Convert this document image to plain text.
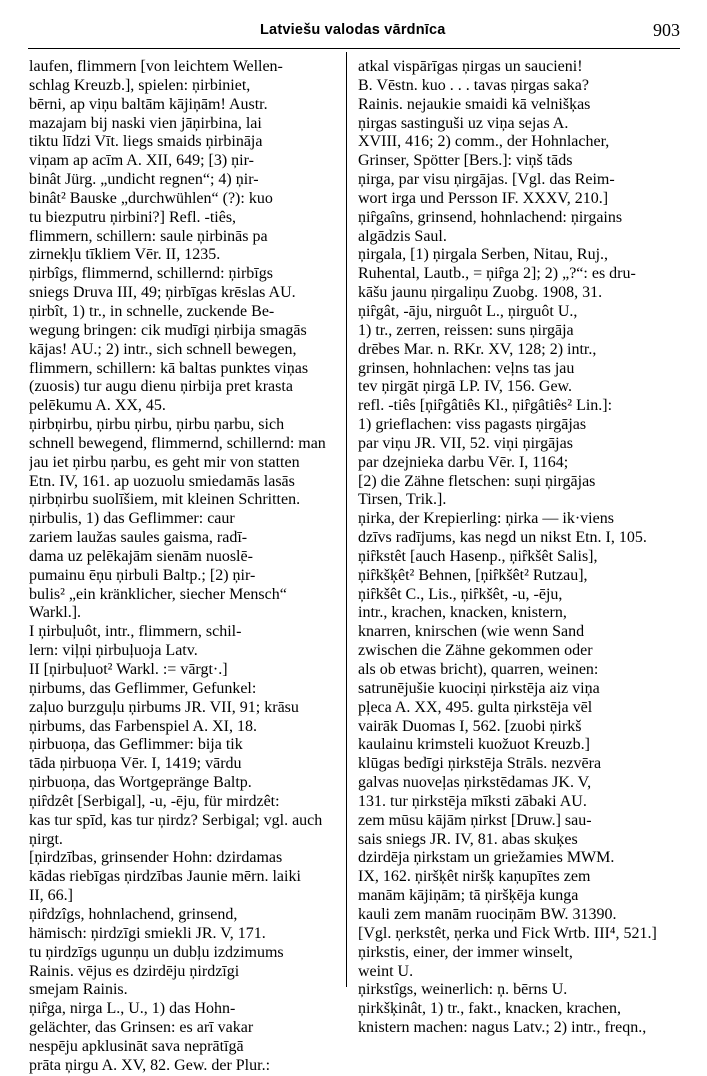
Latviešu valodas vārdnīca	903
laufen, flimmern [von leichtem Wellen-
schlag Kreuzb.], spielen: ņirbiniet,
bērni, ap viņu baltām kājiņām! Austr.
mazajam bij naski vien jāņirbina, lai
tiktu līdzi Vīt. liegs smaids ņirbināja
viņam ap acīm A. XII, 649; [3) ņir-
binât Jürg. „undicht regnen“; 4) ņir-
binât² Bauske „durchwühlen“ (?): kuo
tu biezputru ņirbini?] Refl. -tiês,
flimmern, schillern: saule ņirbinās pa
zirnekļu tīkliem Vēr. II, 1235.
ņirbîgs, flimmernd, schillernd: ņirbīgs
sniegs Druva III, 49; ņirbīgas krēslas AU.
ņirbît, 1) tr., in schnelle, zuckende Be-
wegung bringen: cik mudīgi ņirbija smagās
kājas! AU.; 2) intr., sich schnell bewegen,
flimmern, schillern: kā baltas punktes viņas
(zuosis) tur augu dienu ņirbija pret krasta
pelēkumu A. XX, 45.
ņirbņirbu, ņirbu ņirbu, ņirbu ņarbu, sich
schnell bewegend, flimmernd, schillernd: man
jau iet ņirbu ņarbu, es geht mir von statten
Etn. IV, 161. ap uozuolu smiedamās lasās
ņirbņirbu suolīšiem, mit kleinen Schritten.
ņirbulis, 1) das Geflimmer: caur
zariem laužas saules gaisma, radī-
dama uz pelēkajām sienām nuoslē-
pumainu ēņu ņirbuli Baltp.; [2) ņir-
bulis² „ein kränklicher, siecher Mensch“
Warkl.].
I ņirbuļuôt, intr., flimmern, schil-
lern: viļņi ņirbuļuoja Latv.
II [ņirbuļuot² Warkl. := vārgt·.]
ņirbums, das Geflimmer, Gefunkel:
zaļuo burzguļu ņirbums JR. VII, 91; krāsu
ņirbums, das Farbenspiel A. XI, 18.
ņirbuoņa, das Geflimmer: bija tik
tāda ņirbuoņa Vēr. I, 1419; vārdu
ņirbuoņa, das Wortgepränge Baltp.
ņiȓdzêt [Serbigal], -u, -ēju, für mirdzêt:
kas tur spīd, kas tur ņirdz? Serbigal; vgl. auch
ņirgt.
[ņirdzības, grinsender Hohn: dzirdamas
kādas riebīgas ņirdzības Jaunie mērn. laiki
II, 66.]
ņiȓdzîgs, hohnlachend, grinsend,
hämisch: ņirdzīgi smiekli JR. V, 171.
tu ņirdzīgs ugunņu un dubļu izdzimums
Rainis. vējus es dzirdēju ņirdzīgi
smejam Rainis.
ņiȓga, nirga L., U., 1) das Hohn-
gelächter, das Grinsen: es arī vakar
nespēju apklusināt sava neprātīgā
prāta ņirgu A. XV, 82. Gew. der Plur.:
atkal vispārīgas ņirgas un saucieni!
B. Vēstn. kuo . . . tavas ņirgas saka?
Rainis. nejaukie smaidi kā velnišķas
ņirgas sastinguši uz viņa sejas A.
XVIII, 416; 2) comm., der Hohnlacher,
Grinser, Spötter [Bers.]: viņš tāds
ņirga, par visu ņirgājas. [Vgl. das Reim-
wort irga und Persson IF. XXXV, 210.]
ņiȓgaîns, grinsend, hohnlachend: ņirgains
algādzis Saul.
ņirgala, [1) ņirgala Serben, Nitau, Ruj.,
Ruhental, Lautb., = ņiȓga 2]; 2) „?“: es dru-
kāšu jaunu ņirgaliņu Zuobg. 1908, 31.
ņiȓgât, -āju, nirguôt L., ņirguôt U.,
1) tr., zerren, reissen: suns ņirgāja
drēbes Mar. n. RKr. XV, 128; 2) intr.,
grinsen, hohnlachen: veļns tas jau
tev ņirgāt ņirgā LP. IV, 156. Gew.
refl. -tiês [ņiȓgâtiês Kl., ņiȓgâtiês² Lin.]:
1) grieflachen: viss pagasts ņirgājas
par viņu JR. VII, 52. viņi ņirgājas
par dzejnieka darbu Vēr. I, 1164;
[2) die Zähne fletschen: suņi ņirgājas
Tirsen, Trik.].
ņirka, der Krepierling: ņirka — ik·viens
dzīvs radījums, kas negd un nikst Etn. I, 105.
ņiȓkstêt [auch Hasenp., ņiȓkšêt Salis],
ņiȓkšķêt² Behnen, [ņiȓkšêt² Rutzau],
ņiȓkšêt C., Lis., ņiȓkšêt, -u, -ēju,
intr., krachen, knacken, knistern,
knarren, knirschen (wie wenn Sand
zwischen die Zähne gekommen oder
als ob etwas bricht), quarren, weinen:
satrunējušie kuociņi ņirkstēja aiz viņa
pļeca A. XX, 495. gulta ņirkstēja vēl
vairāk Duomas I, 562. [zuobi ņirkš
kaulainu krimsteli kuožuot Kreuzb.]
klūgas bedīgi ņirkstēja Strāls. nezvēra
galvas nuoveļas ņirkstēdamas JK. V,
131. tur ņirkstēja mīksti zābaki AU.
zem mūsu kājām ņirkst [Druw.] sau-
sais sniegs JR. IV, 81. abas skuķes
dzirdēja ņirkstam un griežamies MWM.
IX, 162. ņiršķêt niršķ kaņupītes zem
manām kājiņām; tā ņiršķēja kunga
kauli zem manām ruociņām BW. 31390.
[Vgl. ņerkstêt, ņerka und Fick Wrtb. III⁴, 521.]
ņirkstis, einer, der immer winselt,
weint U.
ņirkstîgs, weinerlich: ņ. bērns U.
ņirkšķinât, 1) tr., fakt., knacken, krachen,
knistern machen: nagus Latv.; 2) intr., freqn.,
